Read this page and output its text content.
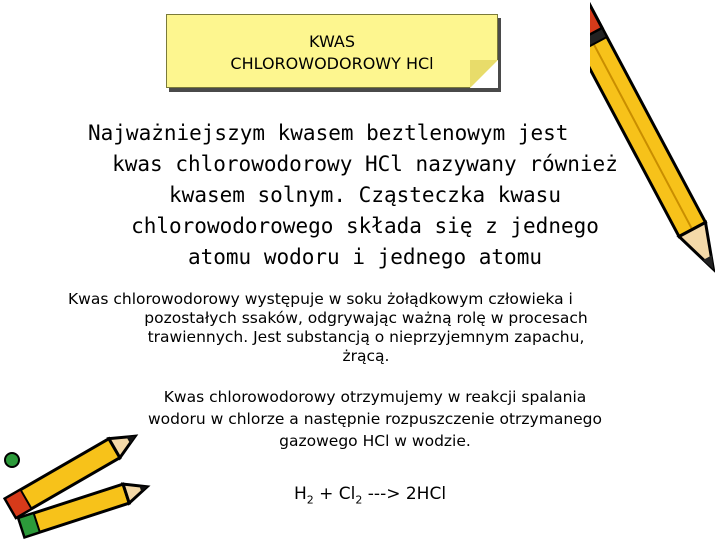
KWAS
CHLOROWODOROWY HCl
Najważniejszym kwasem beztlenowym jest
kwas chlorowodorowy HCl nazywany również
kwasem solnym. Cząsteczka kwasu
chlorowodorowego składa się z jednego
atomu wodoru i jednego atomu
Kwas chlorowodorowy występuje w soku żołądkowym człowieka i
pozostałych ssaków, odgrywając ważną rolę w procesach
trawiennych. Jest substancją o nieprzyjemnym zapachu,
żrącą.
Kwas chlorowodorowy otrzymujemy w reakcji spalania
wodoru w chlorze a następnie rozpuszczenie otrzymanego
gazowego HCl w wodzie.
$H_2 + Cl_2$ ---> 2HCl
